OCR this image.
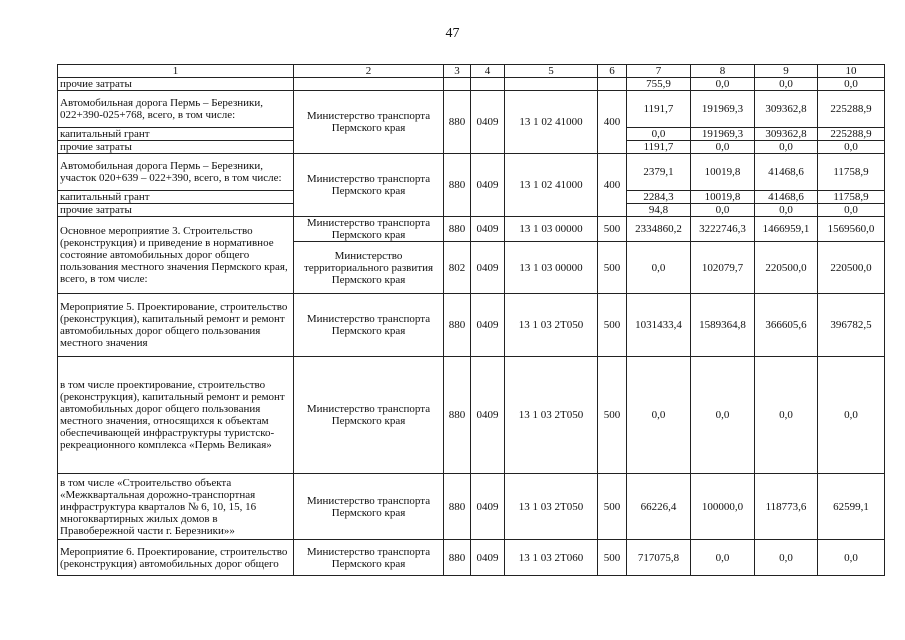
47
1	2	3	4	5	6	7	8	9	10
прочие затраты						755,9	0,0	0,0	0,0
Автомобильная дорога Пермь – Березники, 022+390-025+768, всего, в том числе:	Министерство транспорта Пермского края	880	0409	13 1 02 41000	400	1191,7	191969,3	309362,8	225288,9
капитальный грант						0,0	191969,3	309362,8	225288,9
прочие затраты						1191,7	0,0	0,0	0,0
Автомобильная дорога Пермь – Березники, участок 020+639 – 022+390, всего, в том числе:	Министерство транспорта Пермского края	880	0409	13 1 02 41000	400	2379,1	10019,8	41468,6	11758,9
капитальный грант						2284,3	10019,8	41468,6	11758,9
прочие затраты						94,8	0,0	0,0	0,0
Основное мероприятие 3. Строительство (реконструкция) и приведение в нормативное состояние автомобильных дорог общего пользования местного значения Пермского края, всего, в том числе:	Министерство транспорта Пермского края	880	0409	13 1 03 00000	500	2334860,2	3222746,3	1466959,1	1569560,0
	Министерство территориального развития Пермского края	802	0409	13 1 03 00000	500	0,0	102079,7	220500,0	220500,0
Мероприятие 5. Проектирование, строительство (реконструкция), капитальный ремонт и ремонт автомобильных дорог общего пользования местного значения	Министерство транспорта Пермского края	880	0409	13 1 03 2Т050	500	1031433,4	1589364,8	366605,6	396782,5
в том числе проектирование, строительство (реконструкция), капитальный ремонт и ремонт автомобильных дорог общего пользования местного значения, относящихся к объектам обеспечивающей инфраструктуры туристско-рекреационного комплекса «Пермь Великая»	Министерство транспорта Пермского края	880	0409	13 1 03 2Т050	500	0,0	0,0	0,0	0,0
в том числе «Строительство объекта «Межквартальная дорожно-транспортная инфраструктура кварталов № 6, 10, 15, 16 многоквартирных жилых домов в Правобережной части г. Березники»»	Министерство транспорта Пермского края	880	0409	13 1 03 2Т050	500	66226,4	100000,0	118773,6	62599,1
Мероприятие 6. Проектирование, строительство (реконструкция) автомобильных дорог общего	Министерство транспорта Пермского края	880	0409	13 1 03 2Т060	500	717075,8	0,0	0,0	0,0
